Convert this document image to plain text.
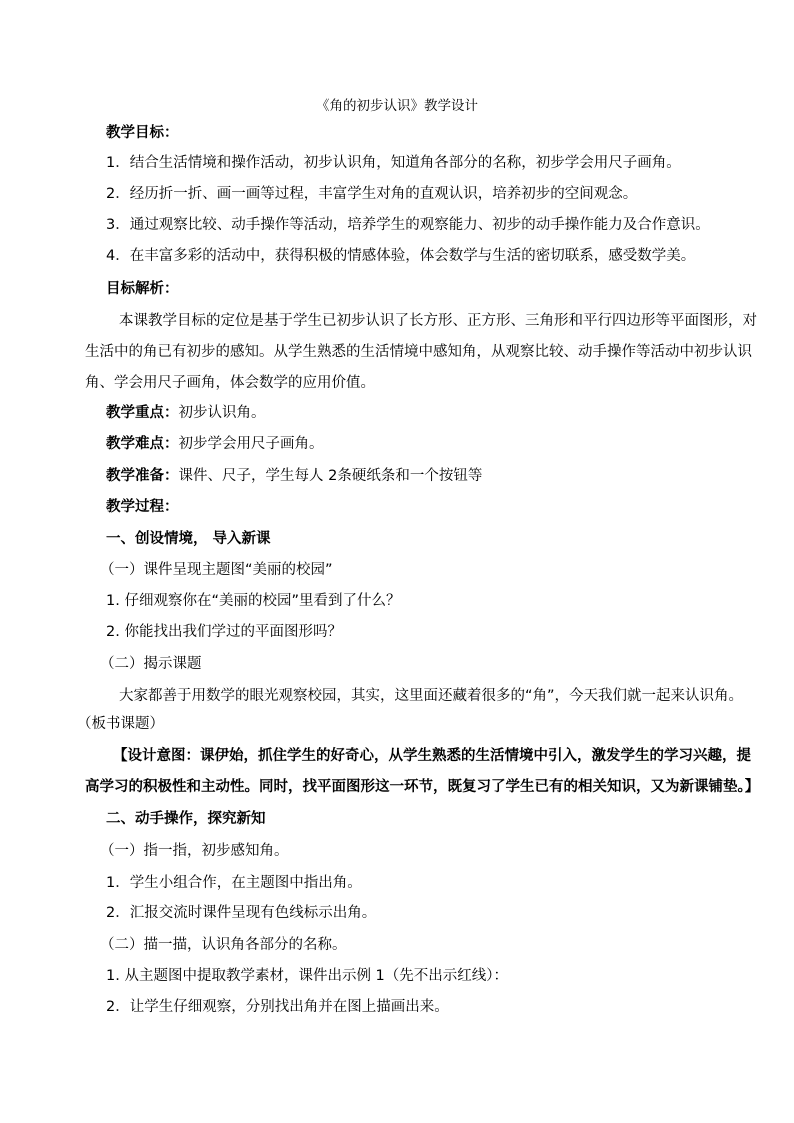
《角的初步认识》教学设计
教学目标：
1．结合生活情境和操作活动，初步认识角，知道角各部分的名称，初步学会用尺子画角。
2．经历折一折、画一画等过程，丰富学生对角的直观认识，培养初步的空间观念。
3．通过观察比较、动手操作等活动，培养学生的观察能力、初步的动手操作能力及合作意识。
4．在丰富多彩的活动中，获得积极的情感体验，体会数学与生活的密切联系，感受数学美。
目标解析：
本课教学目标的定位是基于学生已初步认识了长方形、正方形、三角形和平行四边形等平面图形，对
生活中的角已有初步的感知。从学生熟悉的生活情境中感知角，从观察比较、动手操作等活动中初步认识
角、学会用尺子画角，体会数学的应用价值。
教学重点：初步认识角。
教学难点：初步学会用尺子画角。
教学准备：课件、尺子，学生每人 2条硬纸条和一个按钮等
教学过程：
一、创设情境， 导入新课
（一）课件呈现主题图“美丽的校园”
1. 仔细观察你在“美丽的校园”里看到了什么？
2. 你能找出我们学过的平面图形吗？
（二）揭示课题
大家都善于用数学的眼光观察校园，其实，这里面还藏着很多的“角”，今天我们就一起来认识角。
（板书课题）
【设计意图：课伊始，抓住学生的好奇心，从学生熟悉的生活情境中引入，激发学生的学习兴趣，提
高学习的积极性和主动性。同时，找平面图形这一环节，既复习了学生已有的相关知识，又为新课铺垫。】
二、动手操作，探究新知
（一）指一指，初步感知角。
1．学生小组合作，在主题图中指出角。
2．汇报交流时课件呈现有色线标示出角。
（二）描一描，认识角各部分的名称。
1. 从主题图中提取教学素材，课件出示例 1（先不出示红线）：
2．让学生仔细观察，分别找出角并在图上描画出来。
